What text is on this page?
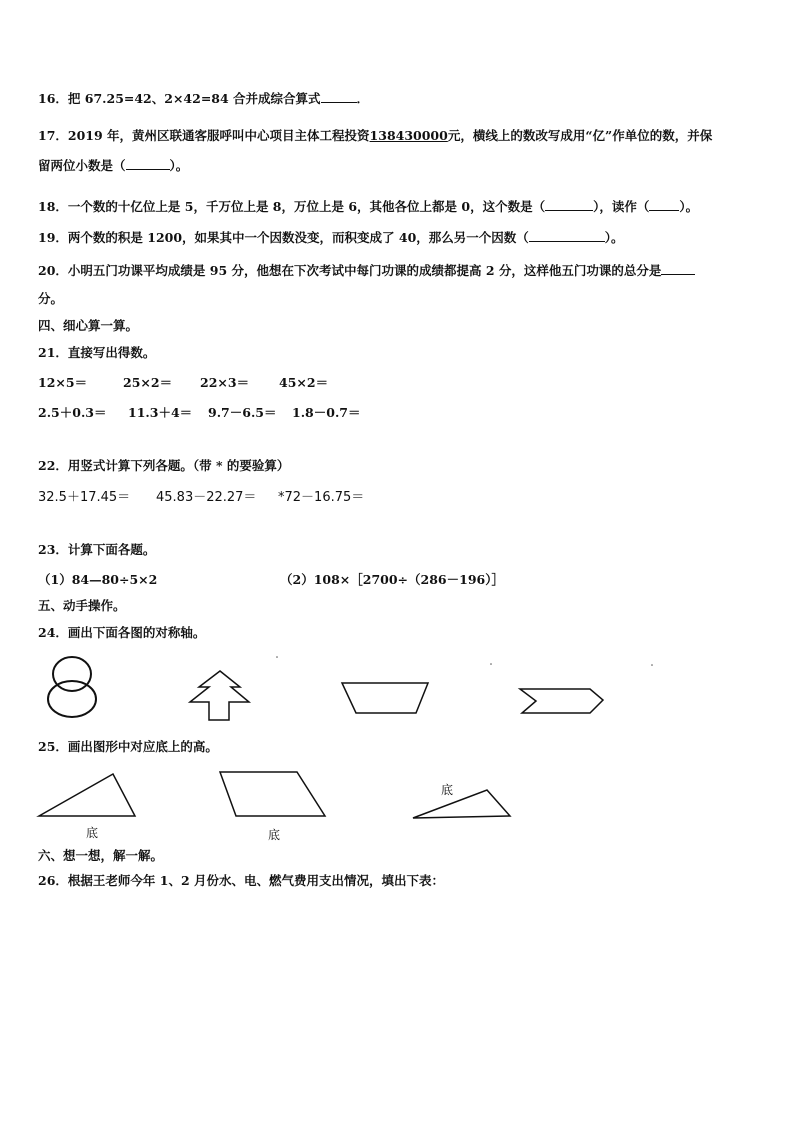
16．把 67.25=42、2×42=84 合并成综合算式	．
17．2019 年，黄州区联通客服呼叫中心项目主体工程投资138430000元，横线上的数改写成用“亿”作单位的数，并保
留两位小数是（	）。
18．一个数的十亿位上是 5，千万位上是 8，万位上是 6，其他各位上都是 0，这个数是（	），读作（ ）。
19．两个数的积是 1200，如果其中一个因数没变，而积变成了 40，那么另一个因数（	）。
20．小明五门功课平均成绩是 95 分，他想在下次考试中每门功课的成绩都提高 2 分，这样他五门功课的总分是
分。
四、细心算一算。
21．直接写出得数。
12×5＝	25×2＝ 22×3＝ 45×2＝
2.5＋0.3＝ 11.3＋4＝ 9.7－6.5＝ 1.8－0.7＝
22．用竖式计算下列各题。（带 * 的要验算）
32.5＋17.45＝ 45.83－22.27＝ *72－16.75＝
23．计算下面各题。
（1）84—80÷5×2	（2）108×［2700÷（286－196）］
五、动手操作。
24．画出下面各图的对称轴。
25．画出图形中对应底上的高。
底	底
底
六、想一想，解一解。
26．根据王老师今年 1、2 月份水、电、燃气费用支出情况，填出下表：
